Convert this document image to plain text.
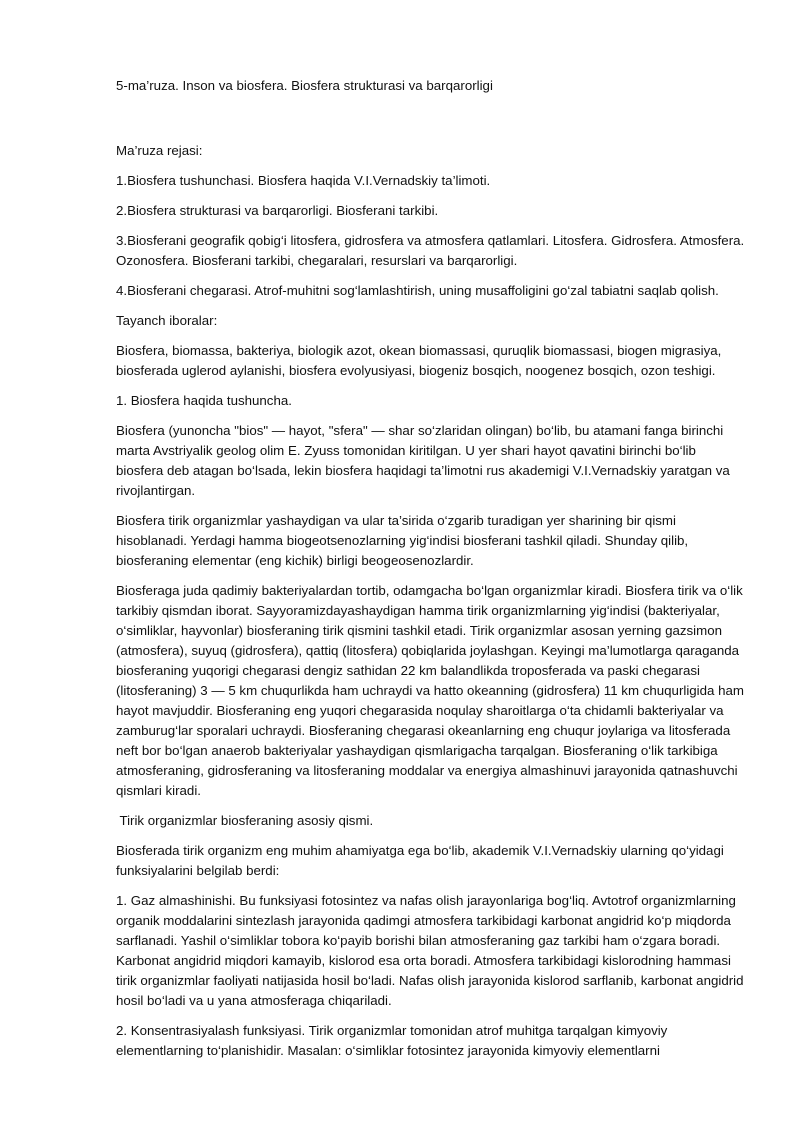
5-ma’ruza. Inson va biosfera. Biosfera strukturasi va barqarorligi

Ma’ruza rejasi:

1.Biosfera tushunchasi. Biosfera haqida V.I.Vernadskiy ta’limoti.

2.Biosfera strukturasi va barqarorligi. Biosferani tarkibi.

3.Biosferani geografik qobig‘i litosfera, gidrosfera va atmosfera qatlamlari. Litosfera. Gidrosfera. Atmosfera. Ozonosfera. Biosferani tarkibi, chegaralari, resurslari va barqarorligi.

4.Biosferani chegarasi. Atrof-muhitni sog‘lamlashtirish, uning musaffoligini go‘zal tabiatni saqlab qolish.

Tayanch iboralar:

Biosfera, biomassa, bakteriya, biologik azot, okean biomassasi, quruqlik biomassasi, biogen migrasiya, biosferada uglerod aylanishi, biosfera evolyusiyasi, biogeniz bosqich, noogenez bosqich, ozon teshigi.

1. Biosfera haqida tushuncha.

Biosfera (yunoncha "bios" — hayot, "sfera" — shar so‘zlaridan olingan) bo‘lib, bu atamani fanga birinchi marta Avstriyalik geolog olim E. Zyuss tomonidan kiritilgan. U yer shari hayot qavatini birinchi bo‘lib biosfera deb atagan bo‘lsada, lekin biosfera haqidagi ta’limotni rus akademigi V.I.Vernadskiy yaratgan va rivojlantirgan.

Biosfera tirik organizmlar yashaydigan va ular ta’sirida o‘zgarib turadigan yer sharining bir qismi hisoblanadi. Yerdagi hamma biogeotsenozlarning yig‘indisi biosferani tashkil qiladi. Shunday qilib, biosferaning elementar (eng kichik) birligi beogeosenozlardir.

Biosferaga juda qadimiy bakteriyalardan tortib, odamgacha bo‘lgan organizmlar kiradi. Biosfera tirik va o‘lik tarkibiy qismdan iborat. Sayyoramizdayashaydigan hamma tirik organizmlarning yig‘indisi (bakteriyalar, o‘simliklar, hayvonlar) biosferaning tirik qismini tashkil etadi. Tirik organizmlar asosan yerning gazsimon (atmosfera), suyuq (gidrosfera), qattiq (litosfera) qobiqlarida joylashgan. Keyingi ma’lumotlarga qaraganda biosferaning yuqorigi chegarasi dengiz sathidan 22 km balandlikda troposferada va paski chegarasi (litosferaning) 3 — 5 km chuqurlikda ham uchraydi va hatto okeanning (gidrosfera) 11 km chuqurligida ham hayot mavjuddir. Biosferaning eng yuqori chegarasida noqulay sharoitlarga o‘ta chidamli bakteriyalar va zamburug‘lar sporalari uchraydi. Biosferaning chegarasi okeanlarning eng chuqur joylariga va litosferada neft bor bo‘lgan anaerob bakteriyalar yashaydigan qismlarigacha tarqalgan. Biosferaning o‘lik tarkibiga atmosferaning, gidrosferaning va litosferaning moddalar va energiya almashinuvi jarayonida qatnashuvchi qismlari kiradi.

Tirik organizmlar biosferaning asosiy qismi.

Biosferada tirik organizm eng muhim ahamiyatga ega bo‘lib, akademik V.I.Vernadskiy ularning qo‘yidagi funksiyalarini belgilab berdi:

1. Gaz almashinishi. Bu funksiyasi fotosintez va nafas olish jarayonlariga bog‘liq. Avtotrof organizmlarning organik moddalarini sintezlash jarayonida qadimgi atmosfera tarkibidagi karbonat angidrid ko‘p miqdorda sarflanadi. Yashil o‘simliklar tobora ko‘payib borishi bilan atmosferaning gaz tarkibi ham o‘zgara boradi. Karbonat angidrid miqdori kamayib, kislorod esa orta boradi. Atmosfera tarkibidagi kislorodning hammasi tirik organizmlar faoliyati natijasida hosil bo‘ladi. Nafas olish jarayonida kislorod sarflanib, karbonat angidrid hosil bo‘ladi va u yana atmosferaga chiqariladi.

2. Konsentrasiyalash funksiyasi. Tirik organizmlar tomonidan atrof muhitga tarqalgan kimyoviy elementlarning to‘planishidir. Masalan: o‘simliklar fotosintez jarayonida kimyoviy elementlarni
